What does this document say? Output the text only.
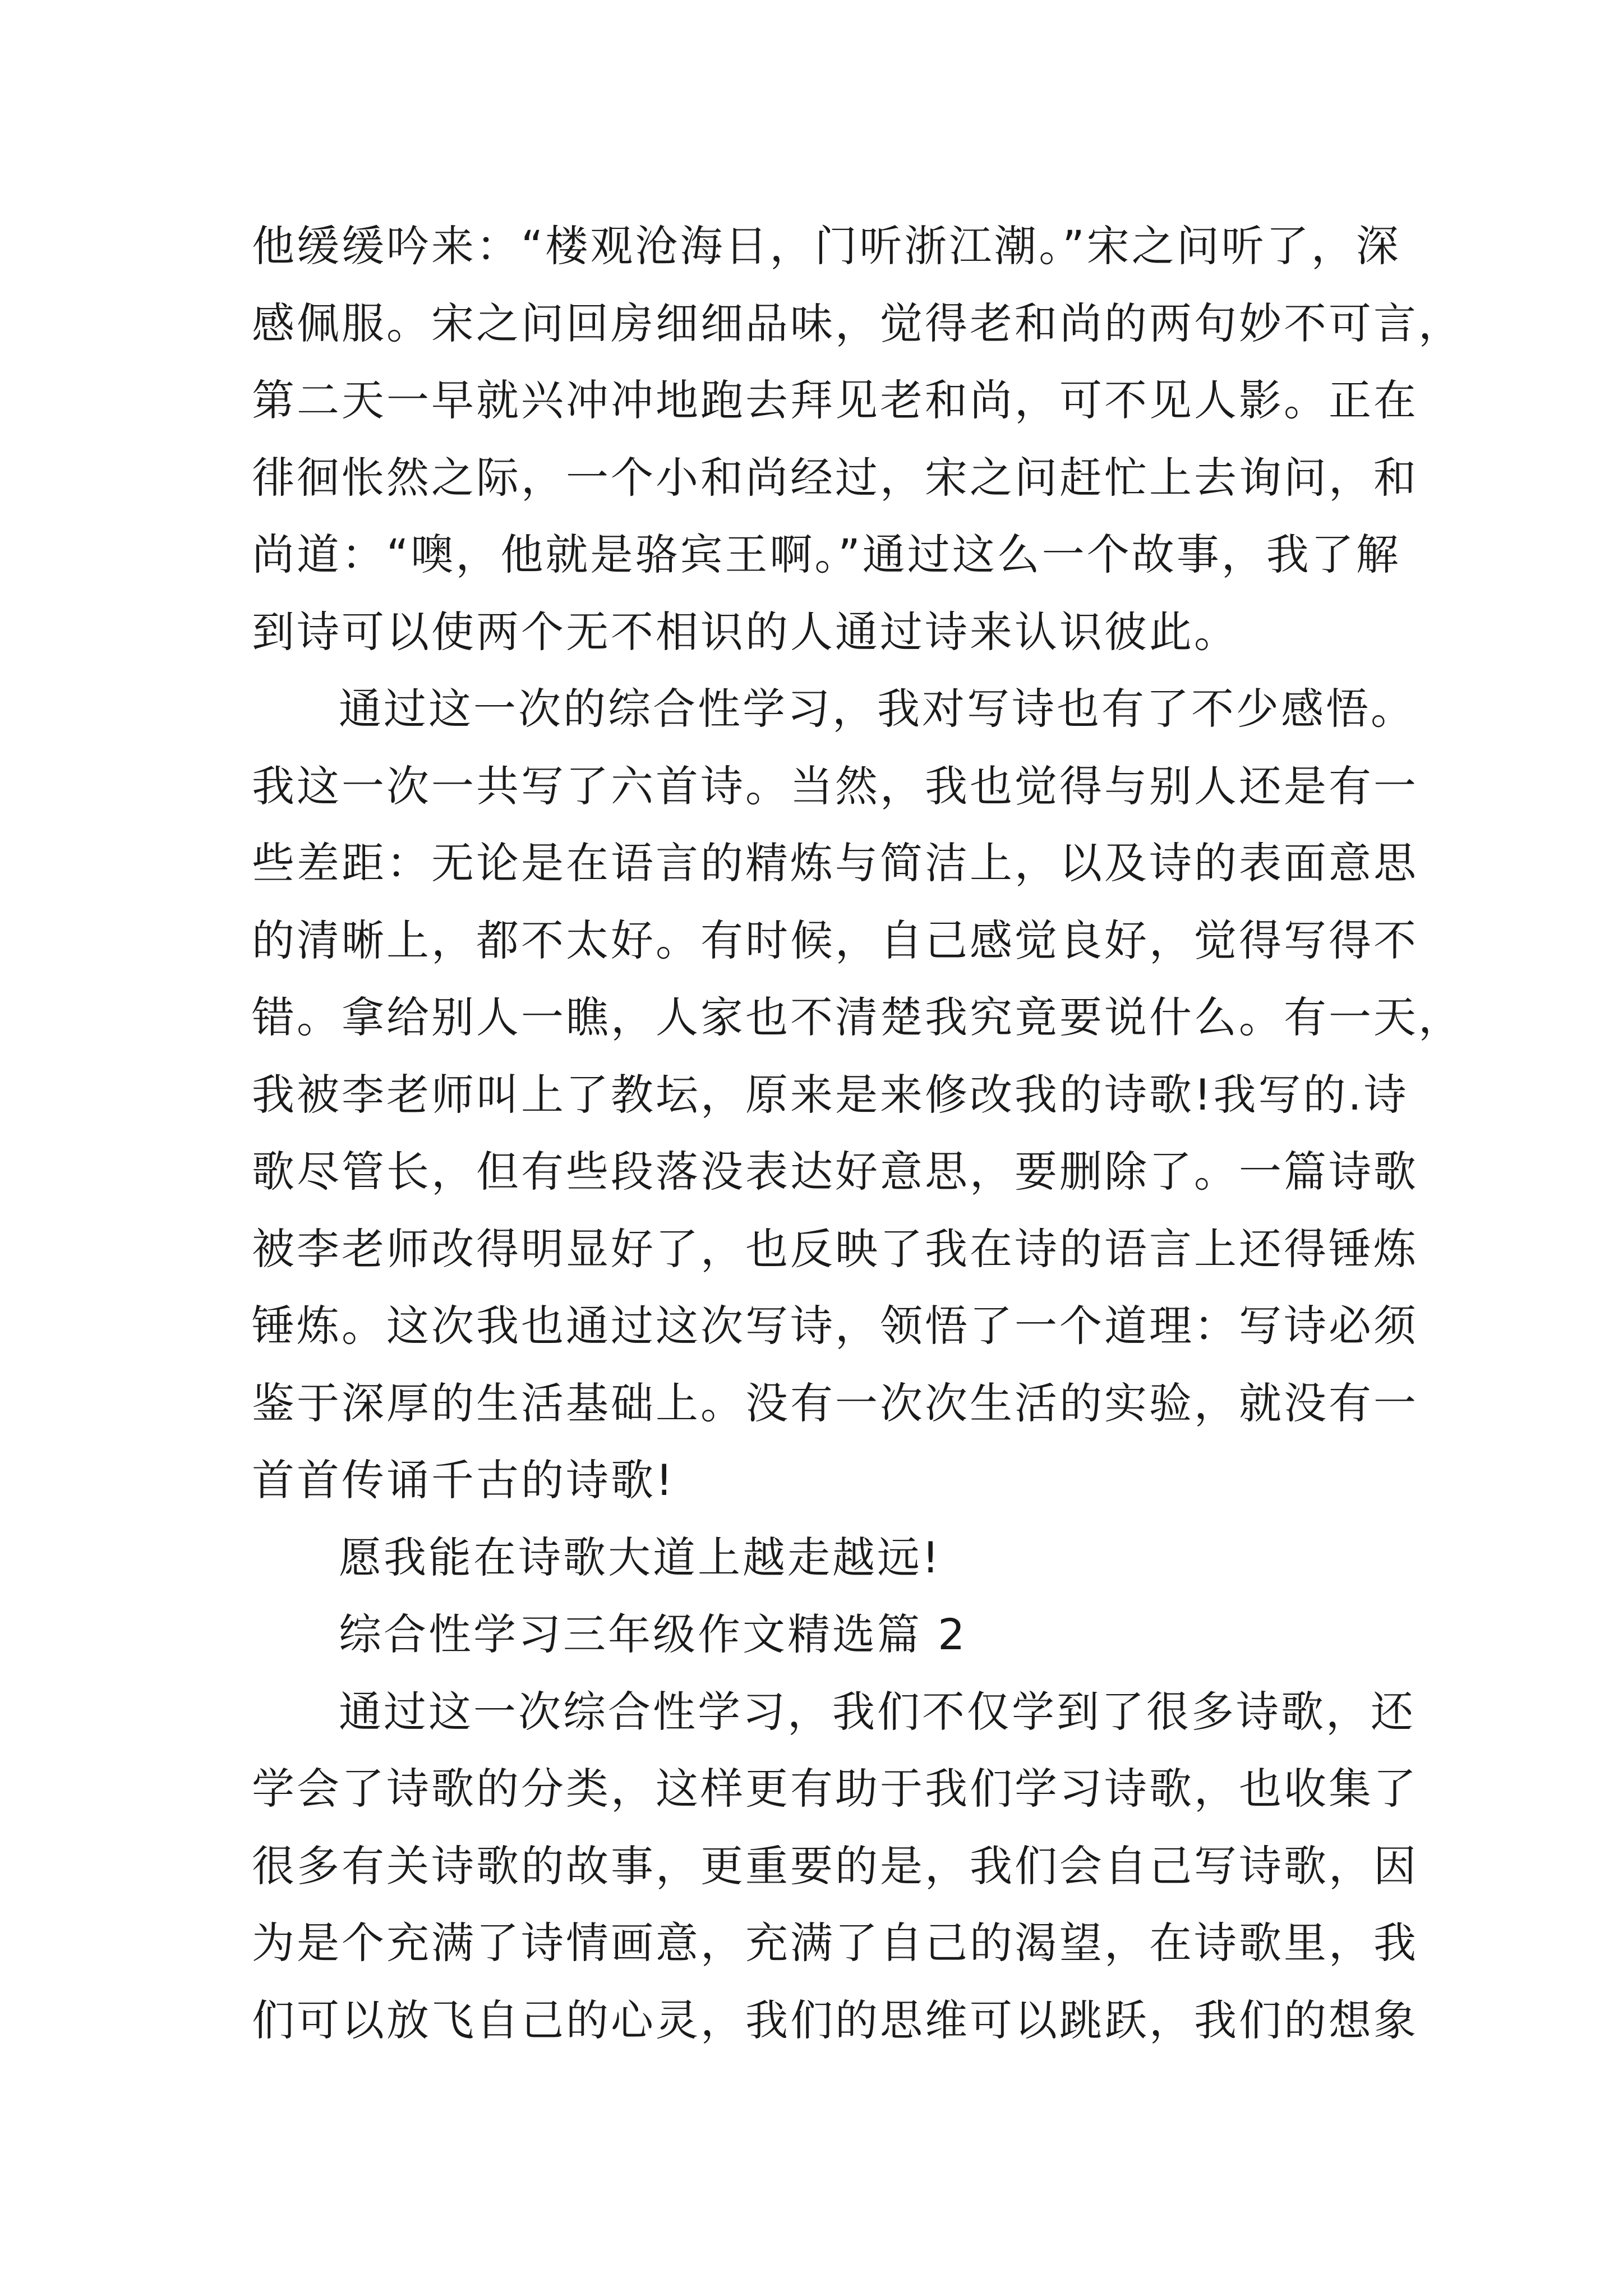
他缓缓吟来：“楼观沧海日，门听浙江潮。”宋之问听了，深
感佩服。宋之问回房细细品味，觉得老和尚的两句妙不可言，
第二天一早就兴冲冲地跑去拜见老和尚，可不见人影。正在
徘徊怅然之际，一个小和尚经过，宋之问赶忙上去询问，和
尚道：“噢，他就是骆宾王啊。”通过这么一个故事，我了解
到诗可以使两个无不相识的人通过诗来认识彼此。
通过这一次的综合性学习，我对写诗也有了不少感悟。
我这一次一共写了六首诗。当然，我也觉得与别人还是有一
些差距：无论是在语言的精炼与简洁上，以及诗的表面意思
的清晰上，都不太好。有时候，自己感觉良好，觉得写得不
错。拿给别人一瞧，人家也不清楚我究竟要说什么。有一天，
我被李老师叫上了教坛，原来是来修改我的诗歌!我写的.诗
歌尽管长，但有些段落没表达好意思，要删除了。一篇诗歌
被李老师改得明显好了，也反映了我在诗的语言上还得锤炼
锤炼。这次我也通过这次写诗，领悟了一个道理：写诗必须
鉴于深厚的生活基础上。没有一次次生活的实验，就没有一
首首传诵千古的诗歌!
愿我能在诗歌大道上越走越远!
综合性学习三年级作文精选篇 2
通过这一次综合性学习，我们不仅学到了很多诗歌，还
学会了诗歌的分类，这样更有助于我们学习诗歌，也收集了
很多有关诗歌的故事，更重要的是，我们会自己写诗歌，因
为是个充满了诗情画意，充满了自己的渴望，在诗歌里，我
们可以放飞自己的心灵，我们的思维可以跳跃，我们的想象
